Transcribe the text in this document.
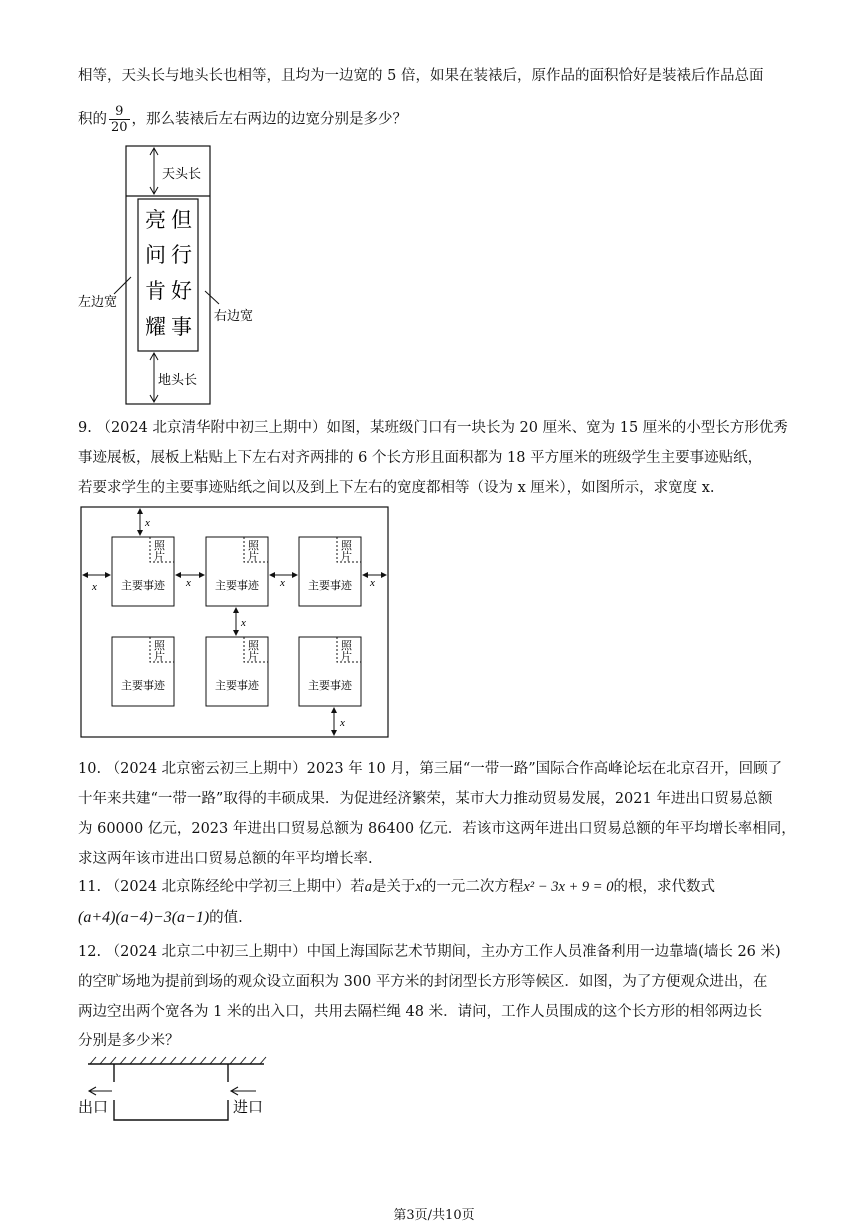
相等，天头长与地头长也相等，且均为一边宽的 5 倍，如果在装裱后，原作品的面积恰好是装裱后作品总面
积的 $\frac{9}{20}$ ，那么装裱后左右两边的边宽分别是多少？
天头长
地头长
亮 但
问 行
肯 好
耀 事
左边宽
右边宽
9. （2024 北京清华附中初三上期中）如图，某班级门口有一块长为 20 厘米、宽为 15 厘米的小型长方形优秀
事迹展板，展板上粘贴上下左右对齐两排的 6 个长方形且面积都为 18 平方厘米的班级学生主要事迹贴纸，
若要求学生的主要事迹贴纸之间以及到上下左右的宽度都相等（设为 x 厘米），如图所示，求宽度 x.
照
片
主要事迹
照
片
主要事迹
照
片
主要事迹
照
片
主要事迹
照
片
主要事迹
照
片
主要事迹
x
x	x	x	x
x
x
10. （2024 北京密云初三上期中）2023 年 10 月，第三届“一带一路”国际合作高峰论坛在北京召开，回顾了
十年来共建“一带一路”取得的丰硕成果．为促进经济繁荣，某市大力推动贸易发展，2021 年进出口贸易总额
为 60000 亿元，2023 年进出口贸易总额为 86400 亿元．若该市这两年进出口贸易总额的年平均增长率相同，
求这两年该市进出口贸易总额的年平均增长率.
11. （2024 北京陈经纶中学初三上期中）若a是关于x的一元二次方程x² − 3x + 9 = 0的根，求代数式
(a+4)(a−4)−3(a−1)的值.
12. （2024 北京二中初三上期中）中国上海国际艺术节期间，主办方工作人员准备利用一边靠墙(墙长 26 米)
的空旷场地为提前到场的观众设立面积为 300 平方米的封闭型长方形等候区．如图，为了方便观众进出，在
两边空出两个宽各为 1 米的出入口，共用去隔栏绳 48 米．请问，工作人员围成的这个长方形的相邻两边长
分别是多少米？
出口	进口
第3页/共10页
